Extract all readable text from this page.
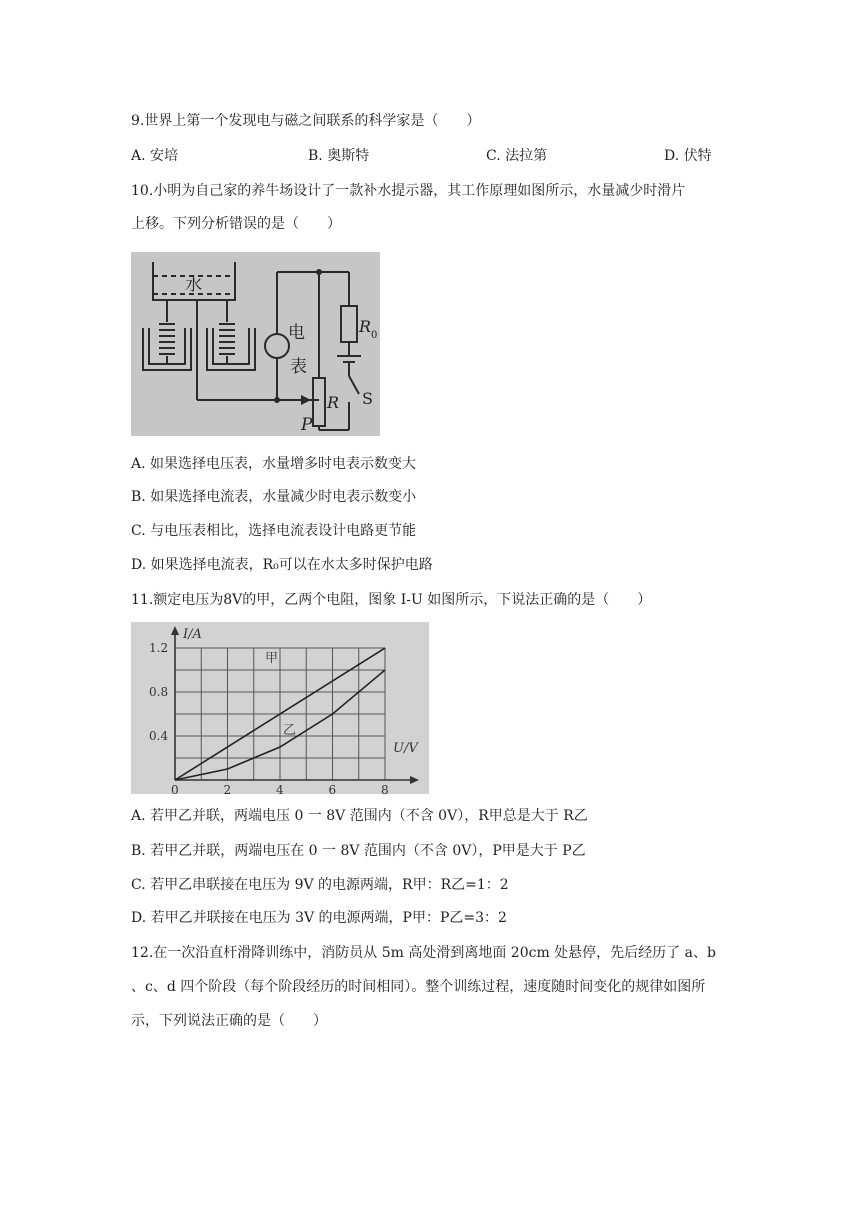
9.世界上第一个发现电与磁之间联系的科学家是（　　）
A. 安培	B. 奥斯特	C. 法拉第	D. 伏特
10.小明为自己家的养牛场设计了一款补水提示器，其工作原理如图所示，水量减少时滑片
上移。下列分析错误的是（　　）
水
电
表
R 0
R
P
S
A. 如果选择电压表，水量增多时电表示数变大
B. 如果选择电流表，水量减少时电表示数变小
C. 与电压表相比，选择电流表设计电路更节能
D. 如果选择电流表，R₀可以在水太多时保护电路
11.额定电压为8V的甲，乙两个电阻，图象 I-U 如图所示，下说法正确的是（　　）
0	2	4	6	8
0.4
0.8
1.2
I/A
U/V
甲
乙
A. 若甲乙并联，两端电压 0 一 8V 范围内（不含 0V），R甲总是大于 R乙
B. 若甲乙并联，两端电压在 0 一 8V 范围内（不含 0V），P甲是大于 P乙
C. 若甲乙串联接在电压为 9V 的电源两端，R甲：R乙=1：2
D. 若甲乙并联接在电压为 3V 的电源两端，P甲：P乙=3：2
12.在一次沿直杆滑降训练中，消防员从 5m 高处滑到离地面 20cm 处悬停，先后经历了 a、b
、c、d 四个阶段（每个阶段经历的时间相同）。整个训练过程，速度随时间变化的规律如图所
示，下列说法正确的是（　　）
